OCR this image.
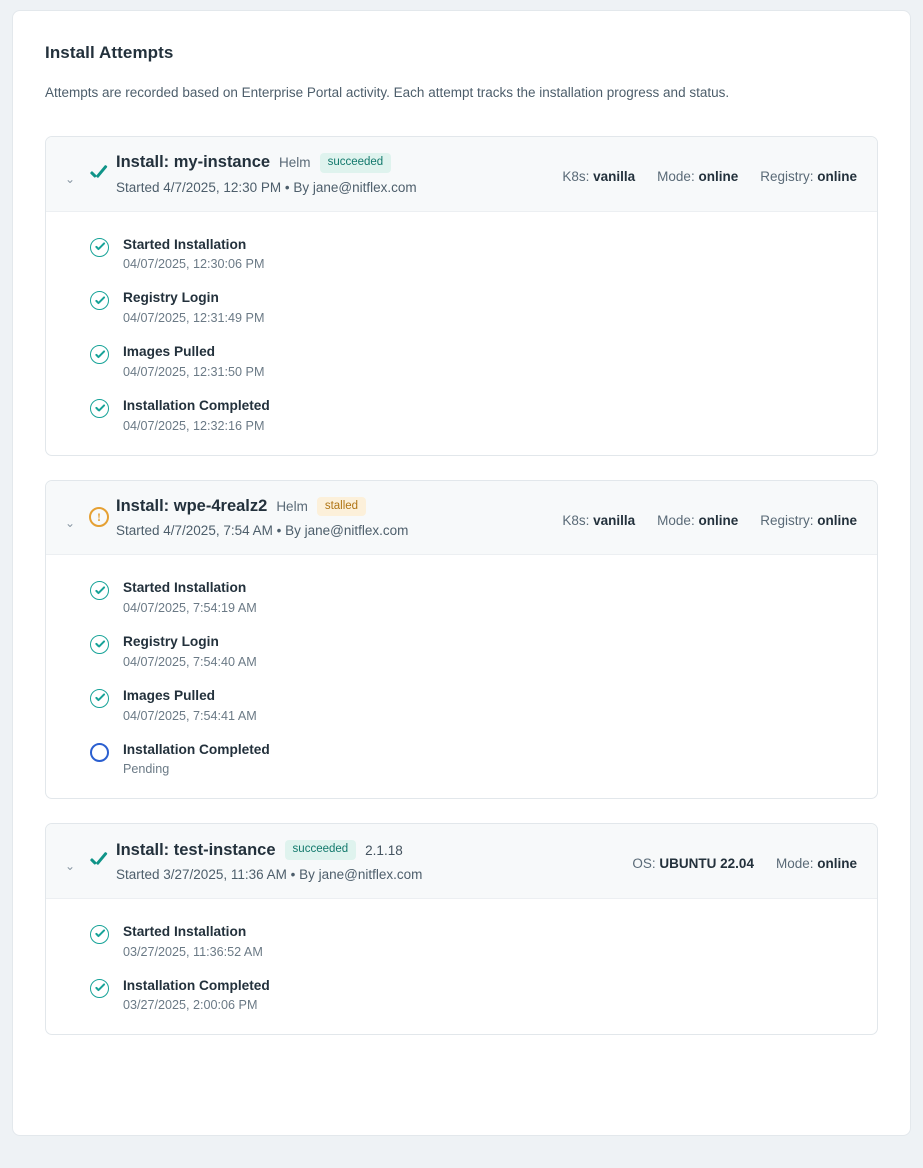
Install Attempts
Attempts are recorded based on Enterprise Portal activity. Each attempt tracks the installation progress and status.
⌄
Install: my-instance Helm	succeeded
Started 4/7/2025, 12:30 PM • By jane@nitflex.com
K8s: vanilla Mode: online Registry: online
Started Installation
04/07/2025, 12:30:06 PM
Registry Login
04/07/2025, 12:31:49 PM
Images Pulled
04/07/2025, 12:31:50 PM
Installation Completed
04/07/2025, 12:32:16 PM
⌄	!
Install: wpe-4realz2 Helm	stalled
Started 4/7/2025, 7:54 AM • By jane@nitflex.com
K8s: vanilla Mode: online Registry: online
Started Installation
04/07/2025, 7:54:19 AM
Registry Login
04/07/2025, 7:54:40 AM
Images Pulled
04/07/2025, 7:54:41 AM
Installation Completed
Pending
⌄
Install: test-instance	succeeded	2.1.18
Started 3/27/2025, 11:36 AM • By jane@nitflex.com
OS: UBUNTU 22.04 Mode: online
Started Installation
03/27/2025, 11:36:52 AM
Installation Completed
03/27/2025, 2:00:06 PM
